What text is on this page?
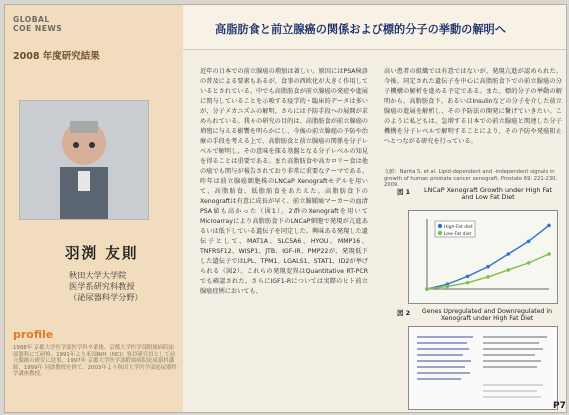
GLOBAL
COE NEWS
2008 年度研究結果
高脂肪食と前立腺癌の関係および標的分子の挙動の解明へ
羽渕 友則
秋田大学大学院
医学系研究科教授
（泌尿器科学分野）
profile
1988年 京都大学医学部医学科卒業後、京都大学医学部附属病院泌尿器科にて研修。1991年より米国NIH（NCI）客員研究員として前立腺癌の研究に従事。1997年 京都大学医学部附属病院泌尿器科講師、1999年 同助教授を経て、2003年より秋田大学医学部泌尿器科学講座教授。
近年の日本での前立腺癌の増加は著しい。原因にはPSA検診の普及による要素もあるが、食事の西欧化が大きく作用しているとされている。中でも高脂肪食が前立腺癌の発症や進展に関与していることを示唆する疫学的・臨床的データは多いが、分子メカニズムの解明、さらには予防手段への展開が求められている。我々の研究の目的は、高脂肪食が前立腺癌の増殖に与える影響を明らかにし、今後の前立腺癌の予防や治療の手段を考える上で、高脂肪食と前立腺癌の関係を分子レベルで解明し、その意味を探る基盤となる分子レベルの知見を得ることは重要である。また高脂肪食や高カロリー食は他の癌でも関与が報告されており非常に重要なテーマである。昨年は前立腺癌細胞株のLNCaP Xenograftモデルを用いて、高脂肪食、低脂肪食をあたえた。高脂肪食下のXenograftは有意に成長が早く、前立腺腫瘍マーカーの血清PSA値も高かった（図1）。2群のXenograftを用いてMicroarrayにより高脂肪食下のLNCaP細胞で発現が亢進あるいは低下している遺伝子を同定した。興味ある発現した遺伝子として、MAT1A、SLC5A6、HYOU、MMP16、TNFRSF12、WISP1、JTB、IGF-IR、PMP22が、発現低下した遺伝子ではLPL、TPM1、LGALS1、STAT1、ID2が挙げられる（図2）。これらの発現変異はQuantitative RT-PCRでも確認された。さらにIGF1-Rについては実際のヒト前立腺癌症例においても、
高い患者の組織では有意ではないが、発現亢進が認められた。今後、同定された遺伝子を中心に高脂肪食下での前立腺癌の分子機構の解析を進める予定である。また、標的分子の挙動の解明から、高脂肪食下、あるいはInsulinなどの分子を介した前立腺癌の進展を解析し、その予防法の開発に繋げていきたい。このように私どもは、急増する日本での前立腺癌と関連した分子機構を分子レベルで解明することにより、その予防や発癌阻止へとつながる研究を行っている。
文献：Narita S, et al. Lipid-dependent and -independent signals in growth of human prostate cancer xenograft. Prostate 69: 221-230, 2009.
図 1 LNCaP Xenograft Growth under High Fat and Low Fat Diet
High-Fat diet
Low-Fat diet
図 2	Genes Upregulated and Downregulated in Xenograft under High Fat Diet
P7
